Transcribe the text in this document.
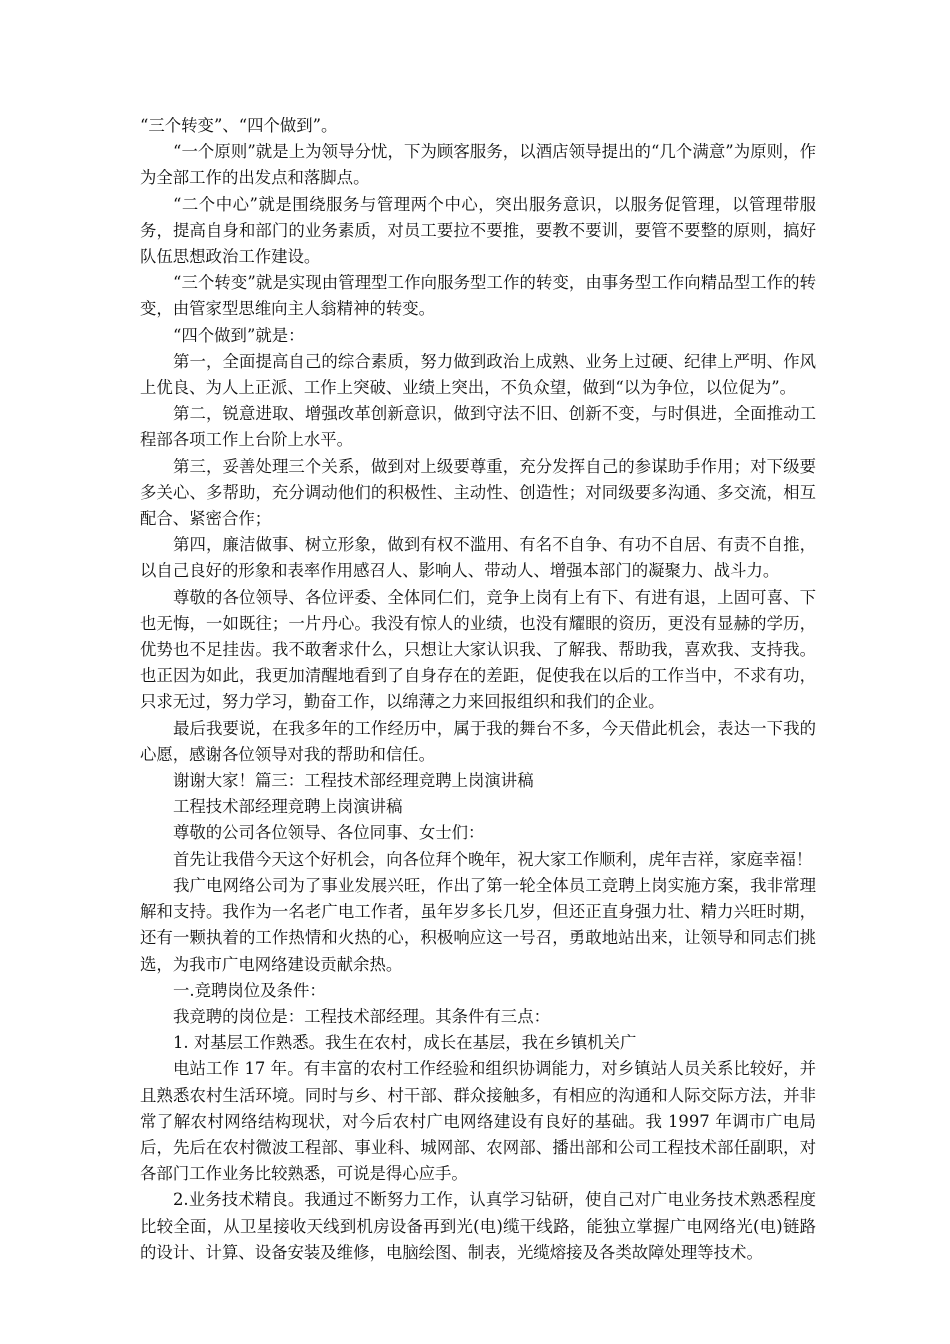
“三个转变”、“四个做到”。

“一个原则”就是上为领导分忧，下为顾客服务，以酒店领导提出的“几个满意”为原则，作为全部工作的出发点和落脚点。

“二个中心”就是围绕服务与管理两个中心，突出服务意识，以服务促管理，以管理带服务，提高自身和部门的业务素质，对员工要拉不要推，要教不要训，要管不要整的原则，搞好队伍思想政治工作建设。

“三个转变”就是实现由管理型工作向服务型工作的转变，由事务型工作向精品型工作的转变，由管家型思维向主人翁精神的转变。

“四个做到”就是：

第一，全面提高自己的综合素质，努力做到政治上成熟、业务上过硬、纪律上严明、作风上优良、为人上正派、工作上突破、业绩上突出，不负众望，做到“以为争位，以位促为”。

第二，锐意进取、增强改革创新意识，做到守法不旧、创新不变，与时俱进，全面推动工程部各项工作上台阶上水平。

第三，妥善处理三个关系，做到对上级要尊重，充分发挥自己的参谋助手作用；对下级要多关心、多帮助，充分调动他们的积极性、主动性、创造性；对同级要多沟通、多交流，相互配合、紧密合作；

第四，廉洁做事、树立形象，做到有权不滥用、有名不自争、有功不自居、有责不自推，以自己良好的形象和表率作用感召人、影响人、带动人、增强本部门的凝聚力、战斗力。

尊敬的各位领导、各位评委、全体同仁们，竞争上岗有上有下、有进有退，上固可喜、下也无悔，一如既往；一片丹心。我没有惊人的业绩，也没有耀眼的资历，更没有显赫的学历，优势也不足挂齿。我不敢奢求什么，只想让大家认识我、了解我、帮助我，喜欢我、支持我。也正因为如此，我更加清醒地看到了自身存在的差距，促使我在以后的工作当中，不求有功，只求无过，努力学习，勤奋工作，以绵薄之力来回报组织和我们的企业。

最后我要说，在我多年的工作经历中，属于我的舞台不多，今天借此机会，表达一下我的心愿，感谢各位领导对我的帮助和信任。

谢谢大家！篇三：工程技术部经理竞聘上岗演讲稿

工程技术部经理竞聘上岗演讲稿

尊敬的公司各位领导、各位同事、女士们：

首先让我借今天这个好机会，向各位拜个晚年，祝大家工作顺利，虎年吉祥，家庭幸福！

我广电网络公司为了事业发展兴旺，作出了第一轮全体员工竞聘上岗实施方案，我非常理解和支持。我作为一名老广电工作者，虽年岁多长几岁，但还正直身强力壮、精力兴旺时期，还有一颗执着的工作热情和火热的心，积极响应这一号召，勇敢地站出来，让领导和同志们挑选，为我市广电网络建设贡献余热。

一.竞聘岗位及条件：

我竞聘的岗位是：工程技术部经理。其条件有三点：

1. 对基层工作熟悉。我生在农村，成长在基层，我在乡镇机关广

电站工作 17 年。有丰富的农村工作经验和组织协调能力，对乡镇站人员关系比较好，并且熟悉农村生活环境。同时与乡、村干部、群众接触多，有相应的沟通和人际交际方法，并非常了解农村网络结构现状，对今后农村广电网络建设有良好的基础。我 1997 年调市广电局后，先后在农村微波工程部、事业科、城网部、农网部、播出部和公司工程技术部任副职，对各部门工作业务比较熟悉，可说是得心应手。

2.业务技术精良。我通过不断努力工作，认真学习钻研，使自己对广电业务技术熟悉程度比较全面，从卫星接收天线到机房设备再到光(电)缆干线路，能独立掌握广电网络光(电)链路的设计、计算、设备安装及维修，电脑绘图、制表，光缆熔接及各类故障处理等技术。
